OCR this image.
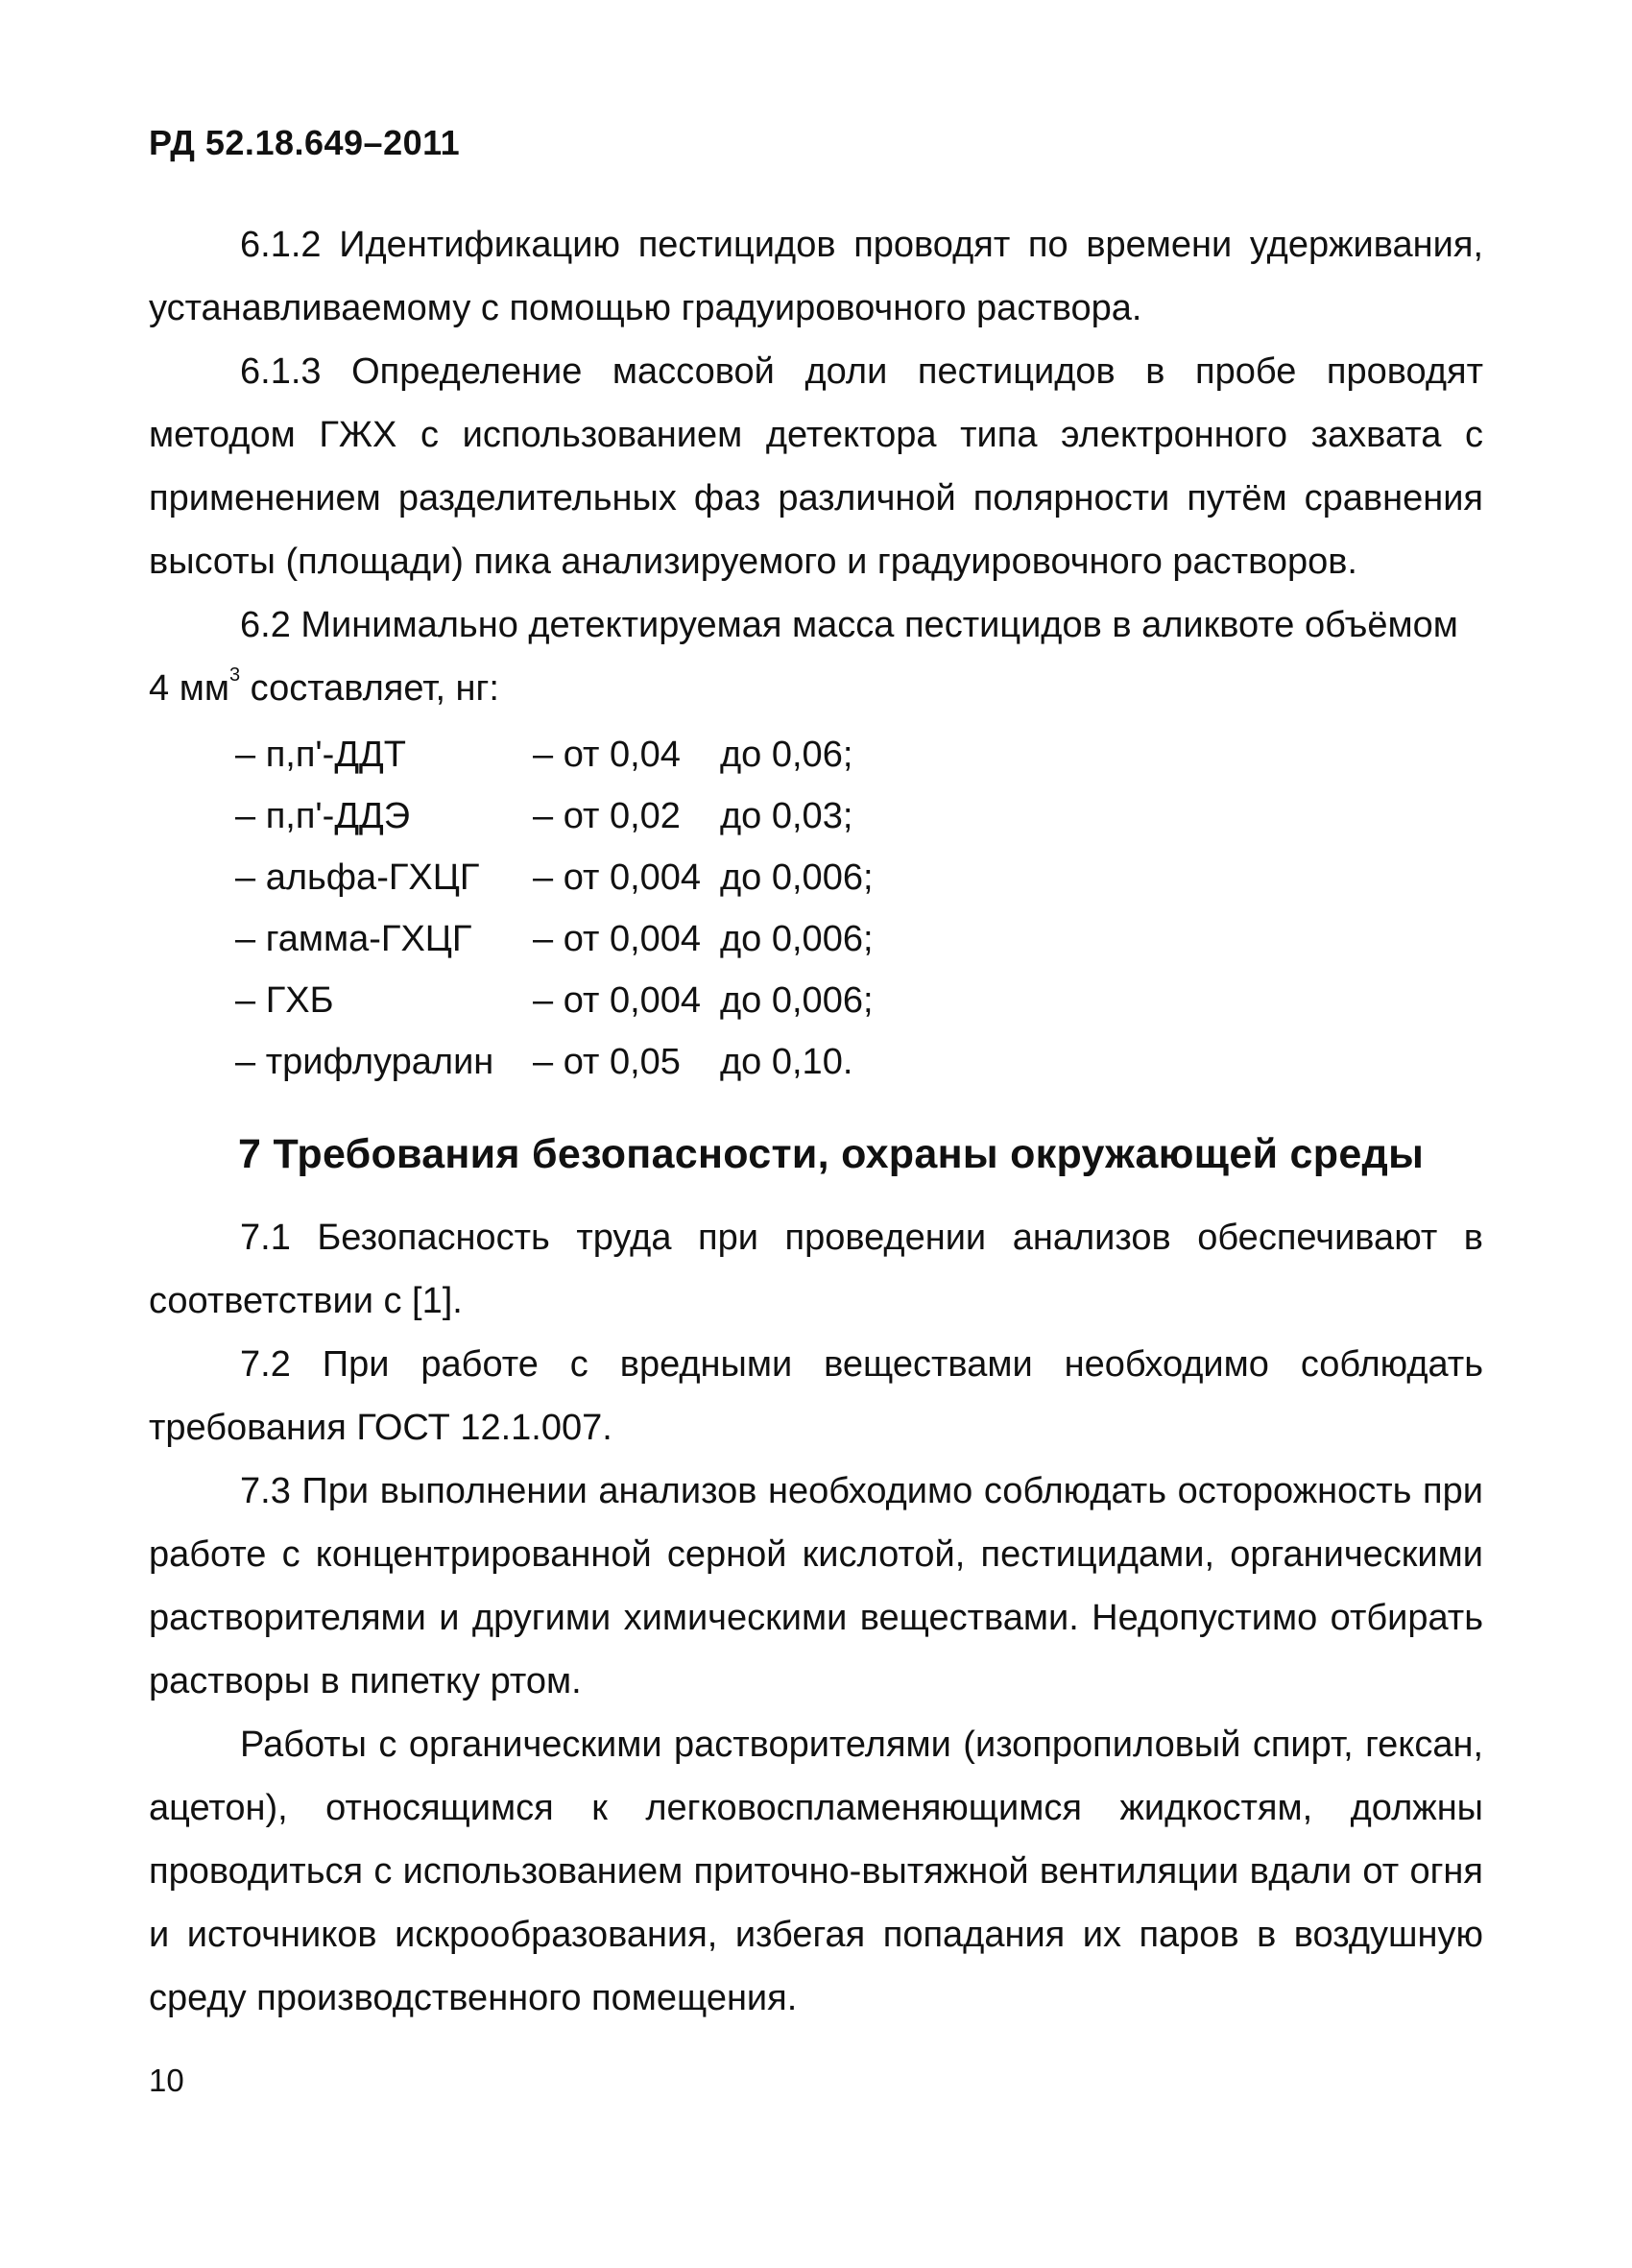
РД 52.18.649–2011

6.1.2 Идентификацию пестицидов проводят по времени удерживания, устанавливаемому с помощью градуировочного раствора.

6.1.3 Определение массовой доли пестицидов в пробе проводят методом ГЖХ с использованием детектора типа электронного захвата с применением разделительных фаз различной полярности путём сравнения высоты (площади) пика анализируемого и градуировочного растворов.

6.2 Минимально детектируемая масса пестицидов в аликвоте объёмом 4 $мм^3$ составляет, нг:

– п,п'-ДДТ	– от 0,04	до 0,06;
– п,п'-ДДЭ	– от 0,02	до 0,03;
– альфа-ГХЦГ	– от 0,004 до 0,006;
– гамма-ГХЦГ	– от 0,004 до 0,006;
– ГХБ	– от 0,004 до 0,006;
– трифлуралин	– от 0,05	до 0,10.
7 Требования безопасности, охраны окружающей среды

7.1 Безопасность труда при проведении анализов обеспечивают в соответствии с [1].

7.2 При работе с вредными веществами необходимо соблюдать требования ГОСТ 12.1.007.

7.3 При выполнении анализов необходимо соблюдать осторожность при работе с концентрированной серной кислотой, пестицидами, органическими растворителями и другими химическими веществами. Недопустимо отбирать растворы в пипетку ртом.

Работы с органическими растворителями (изопропиловый спирт, гексан, ацетон), относящимся к легковоспламеняющимся жидкостям, должны проводиться с использованием приточно-вытяжной вентиляции вдали от огня и источников искрообразования, избегая попадания их паров в воздушную среду производственного помещения.

10
